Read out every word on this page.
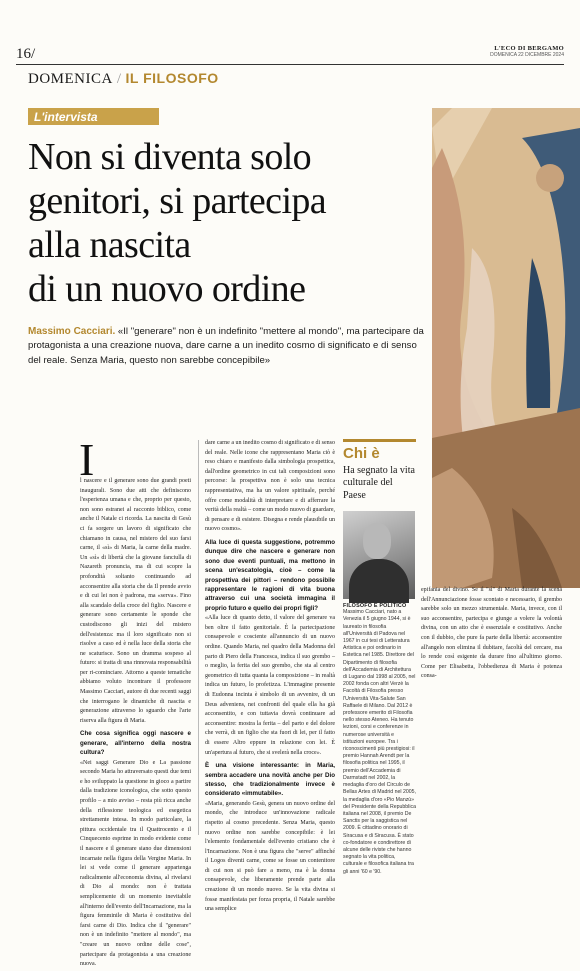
16/	L'ECO DI BERGAMO
DOMENICA 22 DICEMBRE 2024
DOMENICA / IL FILOSOFO
L'intervista
Non si diventa solo
genitori, si partecipa
alla nascita
di un nuovo ordine
Massimo Cacciari. «Il "generare" non è un indefinito "mettere al mondo", ma partecipare da protagonista a una creazione nuova, dare carne a un inedito cosmo di significato e di senso del reale. Senza Maria, questo non sarebbe concepibile»
I

l nascere e il generare sono due grandi poeti inaugurali. Sono due atti che definiscono l'esperienza umana e che, proprio per questo, non sono estranei al racconto biblico, come anche il Natale ci ricorda. La nascita di Gesù ci fa sorgere un lavoro di significato che chiamano in causa, nel mistero del suo farsi carne, il «sì» di Maria, la carne della madre. Un «sì» di libertà che la giovane fanciulla di Nazareth pronuncia, ma di cui scopre la profondità soltanto continuando ad acconsentire alla storia che da Il prende avvio e di cui lei non è padrona, ma «serva». Fino alla scandalo della croce del figlio. Nascere e generare sono certamente le sponde che custodiscono gli inizi del mistero dell'esistenza: ma il loro significato non si risolve a caso ed è nella luce della storia che ne scaturisce. Sono un dramma sospeso al futuro: si tratta di una rinnovata responsabilità per ri-cominciare. Attorno a queste tematiche abbiamo voluto incontrare il professore Massimo Cacciari, autore di due recenti saggi che interrogano le dinamiche di nascita e generazione attraverso lo sguardo che l'arte riserva alla figura di Maria.

Che cosa significa oggi nascere e generare, all'interno della nostra cultura?

«Nei saggi Generare Dio e La passione secondo Maria ho attraversato questi due temi e ho sviluppato la questione in gioco a partire dalla tradizione iconologica, che sotto questo profilo – a mio avviso – resta più ricca anche della riflessione teologica ed esegetica strettamente intesa. In modo particolare, la pittura occidentale tra il Quattrocento e il Cinquecento esprime in modo evidente come il nascere e il generare siano due dimensioni incarnate nella figura della Vergine Maria. In lei si vede come il generare appartenga radicalmente all'economia divina, al rivelarsi di Dio al mondo: non è trattata semplicemente di un momento inevitabile all'interno dell'evento dell'Incarnazione, ma la figura femminile di Maria è costitutiva del farsi carne di Dio. Indica che il "generare" non è un indefinito "mettere al mondo", ma "creare un nuovo ordine delle cose", partecipare da protagonista a una creazione nuova.

dare carne a un inedito cosmo di significato e di senso del reale. Nelle icone che rappresentano Maria ciò è reso chiaro e manifesto dalla simbologia prospettica, dall'ordine geometrico in cui tali composizioni sono percorse: la prospettiva non è solo una tecnica rappresentativa, ma ha un valore spirituale, perché offre come modalità di interpretare e di afferrare la verità della realtà – come un modo nuovo di guardare, di pensare e di esistere. Disegna e rende plausibile un nuovo cosmo».

Alla luce di questa suggestione, potremmo dunque dire che nascere e generare non sono due eventi puntuali, ma mettono in scena un'escatologia, cioè – come la prospettiva dei pittori – rendono possibile rappresentare le ragioni di vita buona attraverso cui una società immagina il proprio futuro e quello dei propri figli?

«Alla luce di quanto detto, il valore del generare va ben oltre il fatto genitoriale. È la partecipazione consapevole e cosciente all'annuncio di un nuovo ordine. Quando Maria, nel quadro della Madonna del parto di Piero della Francesca, indica il suo grembo – o meglio, la ferita del suo grembo, che sta al centro geometrico di tutta quanta la composizione – in realtà indica un futuro, lo profetizza. L'immagine presente di Eudonna incinta è simbolo di un avvenire, di un Deus adveniens, nei confronti del quale ella ha già acconsentito, e con tuttavia dovrà continuare ad acconsentire: mostra la ferita – del parto e del dolore che verrà, di un figlio che sta fuori di lei, per il fatto di essere Altro eppure in relazione con lei. È un'apertura al futuro, che si svelerà nella croce».

È una visione interessante: in Maria, sembra accadere una novità anche per Dio stesso, che tradizionalmente invece è considerato «immutabile».

«Maria, generando Gesù, genera un nuovo ordine del mondo, che introduce un'innovazione radicale rispetto al cosmo precedente. Senza Maria, questo nuovo ordine non sarebbe concepibile: è lei l'elemento fondamentale dell'evento cristiano che è l'Incarnazione. Non è una figura che "serve" affinché il Logos diventi carne, come se fosse un contenitore di cui non si può fare a meno, ma è la donna consapevole, che liberamente prende parte alla creazione di un mondo nuovo. Se la vita divina si fosse manifestata per forza propria, il Natale sarebbe una semplice

Chi è
Ha segnato la vita culturale del Paese
FILOSOFO E POLITICO
Massimo Cacciari, nato a Venezia il 5 giugno 1944, si è laureato in filosofia all'Università di Padova nel 1967 in cui tesi di Letteratura Artistica e poi ordinario in Estetica nel 1985. Direttore del Dipartimento di filosofia dell'Accademia di Architettura di Lugano dal 1998 al 2005, nel 2002 fonda con altri Verzè la Facoltà di Filosofia presso l'Università Vita-Salute San Raffaele di Milano. Dal 2012 è professore emerito di Filosofia nello stesso Ateneo. Ha tenuto lezioni, corsi e conferenze in numerose università e istituzioni europee. Tra i riconoscimenti più prestigiosi: il premio Hannah Arendt per la filosofia politica nel 1995, il premio dell'Accademia di Darmstadt nel 2002, la medaglia d'oro del Circulo de Bellas Artes di Madrid nel 2005, la medaglia d'oro «Pio Manzù» del Presidente della Repubblica italiana nel 2008, il premio De Sanctis per la saggistica nel 2009. È cittadino onorario di Siracusa e di Siracusa. È stato co-fondatore e condirettore di alcune delle riviste che hanno segnato la vita politica, culturale e filosofica italiana tra gli anni '60 e '90.

epifania del divino. Se il "sì" di Maria durante la scena dell'Annunciazione fosse scontato e necessario, il grembo sarebbe solo un mezzo strumentale. Maria, invece, con il suo acconsentire, partecipa e giunge a volere la volontà divina, con un atto che è essenziale e costitutivo. Anche con il dubbio, che pure fa parte della libertà: acconsentire all'angelo non elimina il dubitare, facoltà del cercare, ma lo rende così esigente da durare fino all'ultimo giorno. Come per Elisabetta, l'obbedienza di Maria è potenza consa-
